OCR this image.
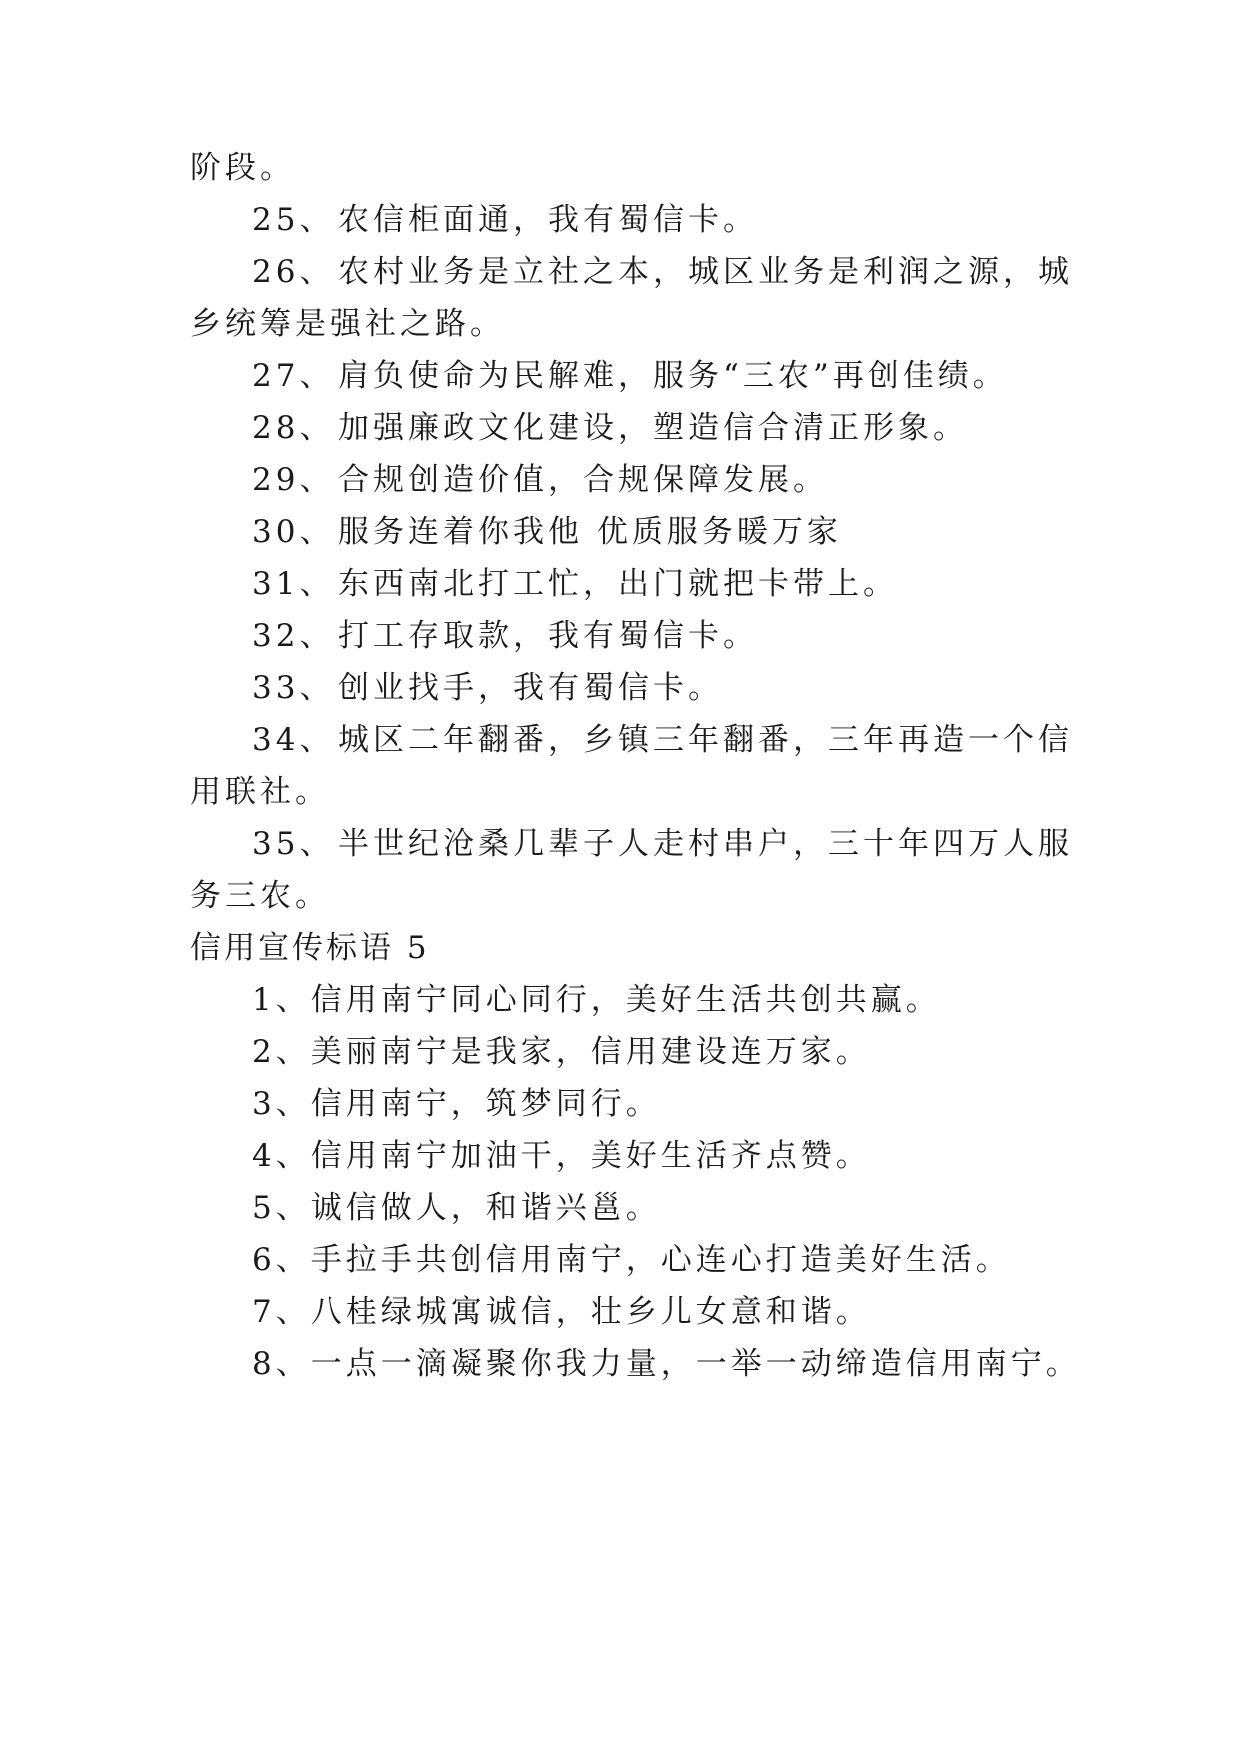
阶段。
25、 农信柜面通，我有蜀信卡。
26、 农村业务是立社之本，城区业务是利润之源，城
乡统筹是强社之路。
27、 肩负使命为民解难，服务“三农”再创佳绩。
28、 加强廉政文化建设，塑造信合清正形象。
29、 合规创造价值，合规保障发展。
30、 服务连着你我他 优质服务暖万家
31、 东西南北打工忙，出门就把卡带上。
32、 打工存取款，我有蜀信卡。
33、 创业找手，我有蜀信卡。
34、 城区二年翻番，乡镇三年翻番，三年再造一个信
用联社。
35、 半世纪沧桑几辈子人走村串户，三十年四万人服
务三农。
信用宣传标语 5
1、信用南宁同心同行，美好生活共创共赢。
2、美丽南宁是我家，信用建设连万家。
3、信用南宁，筑梦同行。
4、信用南宁加油干，美好生活齐点赞。
5、诚信做人，和谐兴邕。
6、手拉手共创信用南宁，心连心打造美好生活。
7、八桂绿城寓诚信，壮乡儿女意和谐。
8、一点一滴凝聚你我力量，一举一动缔造信用南宁。
